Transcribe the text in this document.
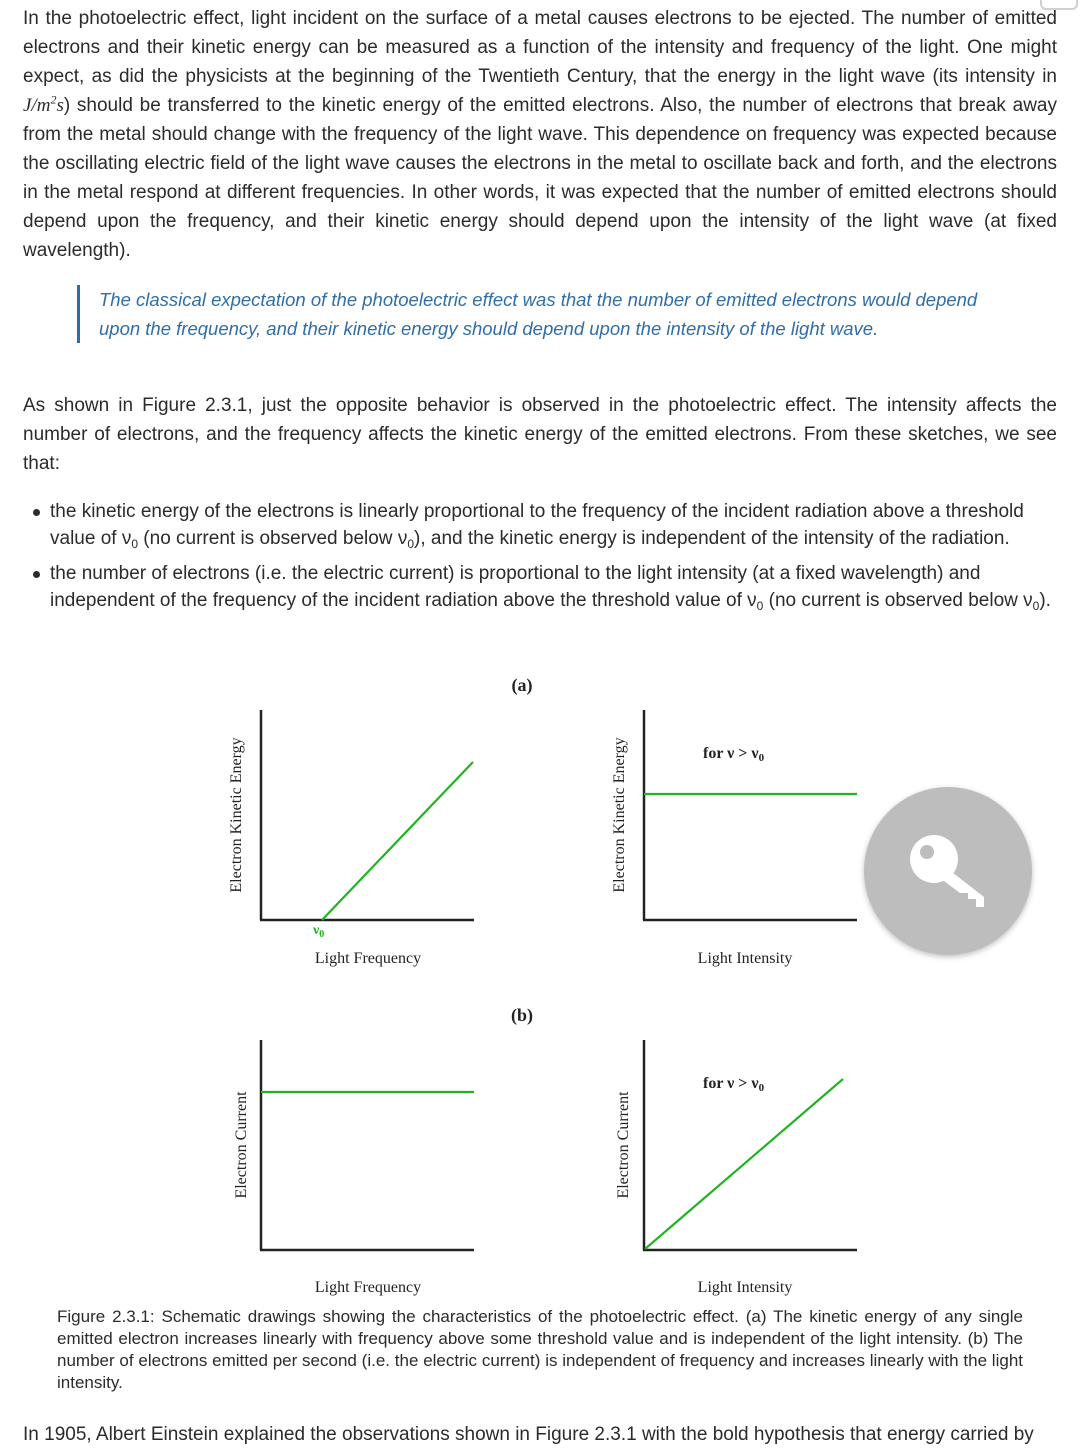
In the photoelectric effect, light incident on the surface of a metal causes electrons to be ejected. The number of emitted electrons and their kinetic energy can be measured as a function of the intensity and frequency of the light. One might expect, as did the physicists at the beginning of the Twentieth Century, that the energy in the light wave (its intensity in $J/m^2s$) should be transferred to the kinetic energy of the emitted electrons. Also, the number of electrons that break away from the metal should change with the frequency of the light wave. This dependence on frequency was expected because the oscillating electric field of the light wave causes the electrons in the metal to oscillate back and forth, and the electrons in the metal respond at different frequencies. In other words, it was expected that the number of emitted electrons should depend upon the frequency, and their kinetic energy should depend upon the intensity of the light wave (at fixed wavelength).

The classical expectation of the photoelectric effect was that the number of emitted electrons would depend upon the frequency, and their kinetic energy should depend upon the intensity of the light wave.

As shown in Figure 2.3.1, just the opposite behavior is observed in the photoelectric effect. The intensity affects the number of electrons, and the frequency affects the kinetic energy of the emitted electrons. From these sketches, we see that:

the kinetic energy of the electrons is linearly proportional to the frequency of the incident radiation above a threshold value of $\nu_0$ (no current is observed below $\nu_0$), and the kinetic energy is independent of the intensity of the radiation.
the number of electrons (i.e. the electric current) is proportional to the light intensity (at a fixed wavelength) and independent of the frequency of the incident radiation above the threshold value of $\nu_0$ (no current is observed below $\nu_0$).
(a)
(b)
$\nu_0$
Electron Kinetic Energy
Light Frequency
for ν > ν0
Electron Kinetic Energy
Light Intensity
Electron Current
Light Frequency
for ν > ν0
Electron Current
Light Intensity

Figure 2.3.1: Schematic drawings showing the characteristics of the photoelectric effect. (a) The kinetic energy of any single emitted electron increases linearly with frequency above some threshold value and is independent of the light intensity. (b) The number of electrons emitted per second (i.e. the electric current) is independent of frequency and increases linearly with the light intensity.

In 1905, Albert Einstein explained the observations shown in Figure 2.3.1 with the bold hypothesis that energy carried by
